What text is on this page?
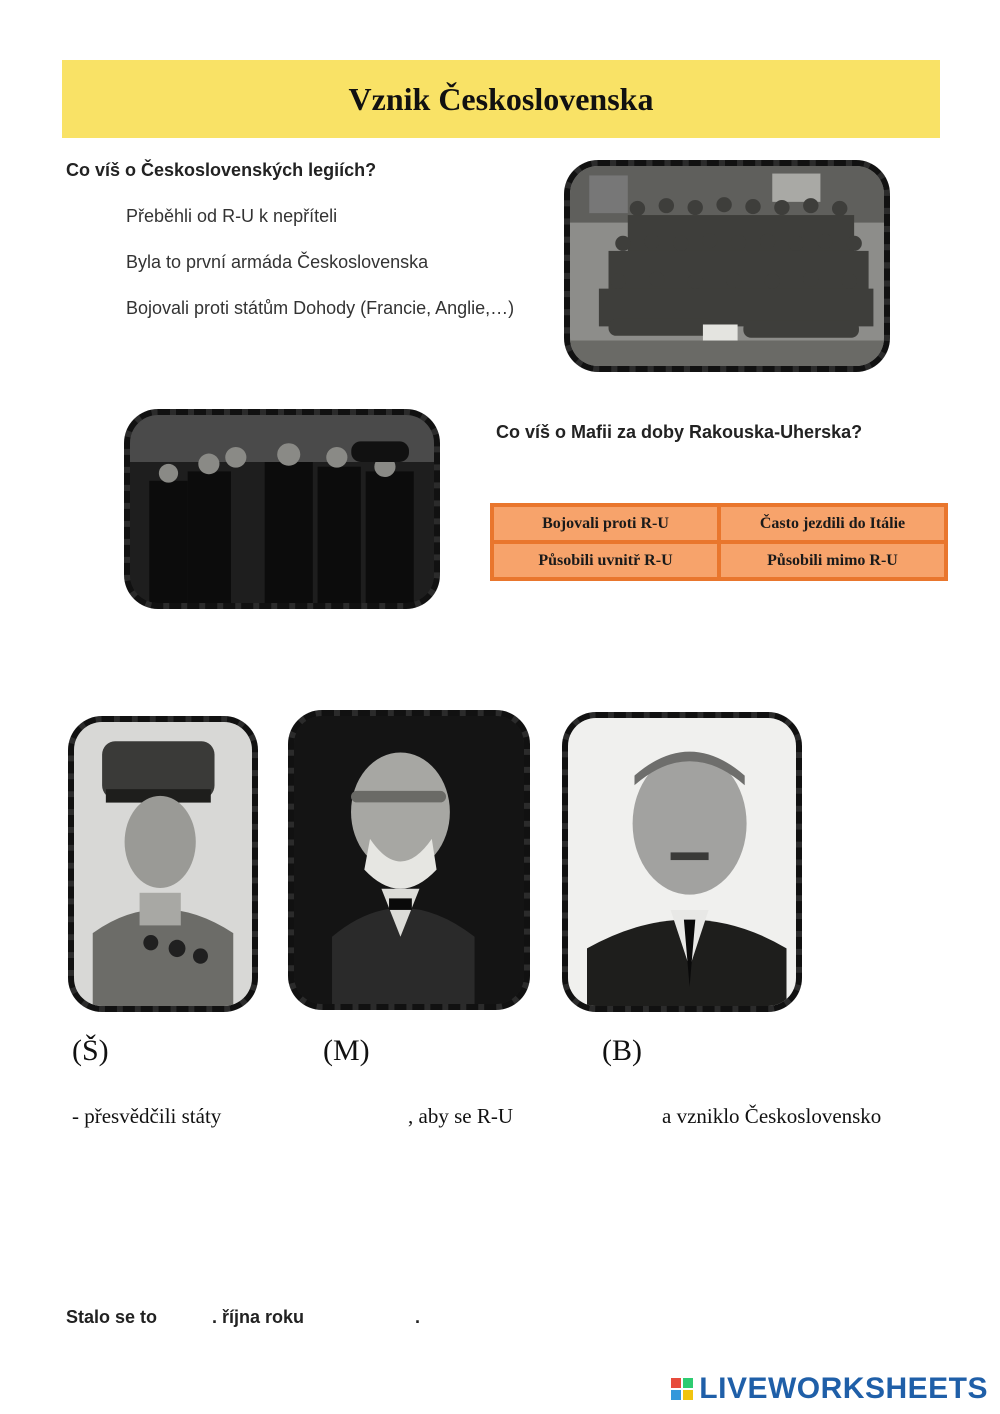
Vznik Československa
Co víš o Československých legiích?
Přeběhli od R-U k nepříteli
Byla to první armáda Československa
Bojovali proti státům Dohody (Francie, Anglie,…)
Co víš o Mafii za doby Rakouska-Uherska?
Bojovali proti R-U	Často jezdili do Itálie
Působili uvnitř R-U	Působili mimo R-U
(Š)	(M)	(B)
- přesvědčili státy	, aby se R-U	a vzniklo Československo
Stalo se to	. října roku	.
LIVEWORKSHEETS
